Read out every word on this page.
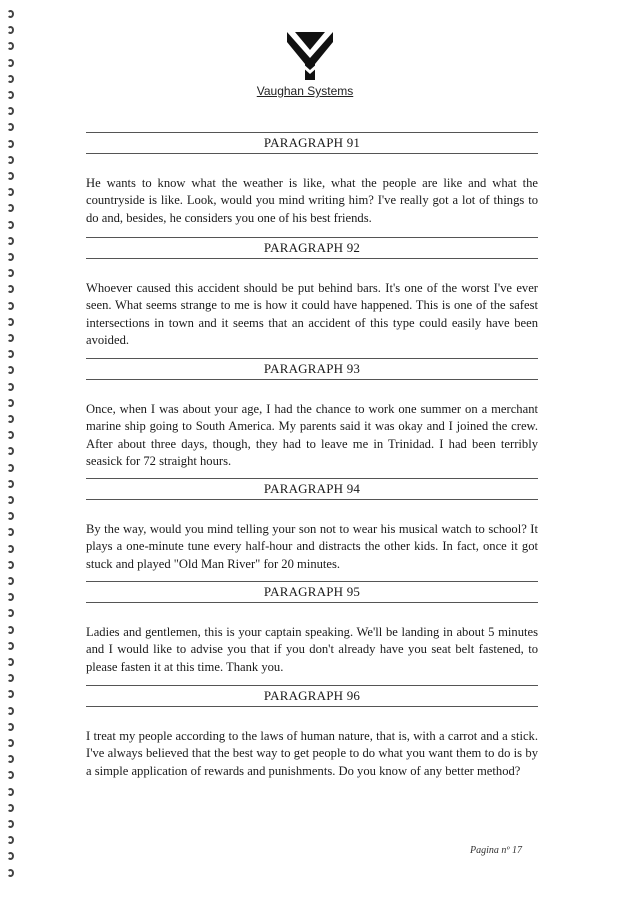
Vaughan Systems
PARAGRAPH 91

He wants to know what the weather is like, what the people are like and what the countryside is like. Look, would you mind writing him? I've really got a lot of things to do and, besides, he considers you one of his best friends.

PARAGRAPH 92

Whoever caused this accident should be put behind bars. It's one of the worst I've ever seen. What seems strange to me is how it could have happened. This is one of the safest intersections in town and it seems that an accident of this type could easily have been avoided.

PARAGRAPH 93

Once, when I was about your age, I had the chance to work one summer on a merchant marine ship going to South America. My parents said it was okay and I joined the crew. After about three days, though, they had to leave me in Trinidad. I had been terribly seasick for 72 straight hours.

PARAGRAPH 94

By the way, would you mind telling your son not to wear his musical watch to school? It plays a one-minute tune every half-hour and distracts the other kids. In fact, once it got stuck and played "Old Man River" for 20 minutes.

PARAGRAPH 95

Ladies and gentlemen, this is your captain speaking. We'll be landing in about 5 minutes and I would like to advise you that if you don't already have you seat belt fastened, to please fasten it at this time. Thank you.

PARAGRAPH 96

I treat my people according to the laws of human nature, that is, with a carrot and a stick. I've always believed that the best way to get people to do what you want them to do is by a simple application of rewards and punishments. Do you know of any better method?

Pagina nº 17
